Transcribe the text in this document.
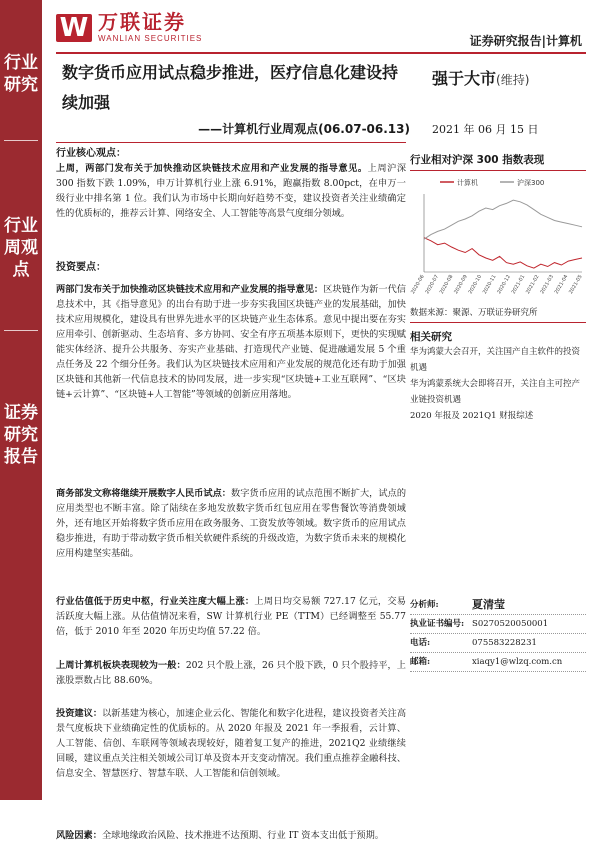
行业研究
行业周观点
证券研究报告
W 万联证券
WANLIAN SECURITIES	证券研究报告|计算机
数字货币应用试点稳步推进，医疗信息化建设持续加强
——计算机行业周观点(06.07-06.13)
强于大市(维持)
2021 年 06 月 15 日
行业核心观点：
上周，两部门发布关于加快推动区块链技术应用和产业发展的指导意见。上周沪深 300 指数下跌 1.09%，申万计算机行业上涨 6.91%，跑赢指数 8.00pct，在申万一级行业中排名第 1 位。我们认为市场中长期向好趋势不变，建议投资者关注业绩确定性的优质标的，推荐云计算、网络安全、人工智能等高景气度细分领域。
投资要点：
两部门发布关于加快推动区块链技术应用和产业发展的指导意见：区块链作为新一代信息技术中，其《指导意见》的出台有助于进一步夯实我国区块链产业的发展基础，加快技术应用规模化，建设具有世界先进水平的区块链产业生态体系。意见中提出要在夯实应用牵引、创新驱动、生态培育、多方协同、安全有序五项基本原则下，更快的实现赋能实体经济、提升公共服务、夯实产业基础、打造现代产业链、促进融通发展 5 个重点任务及 22 个细分任务。我们认为区块链技术应用和产业发展的规范化还有助于加强区块链和其他新一代信息技术的协同发展，进一步实现“区块链+工业互联网”、“区块链+云计算”、“区块链+人工智能”等领域的创新应用落地。
商务部发文称将继续开展数字人民币试点：数字货币应用的试点范围不断扩大，试点的应用类型也不断丰富。除了陆续在多地发放数字货币红包应用在零售餐饮等消费领域外，还有地区开始将数字货币应用在政务服务、工资发放等领域。数字货币的应用试点稳步推进，有助于带动数字货币相关软硬件系统的升级改造，为数字货币未来的规模化应用构建坚实基础。
行业估值低于历史中枢，行业关注度大幅上涨：上周日均交易额 727.17 亿元，交易活跃度大幅上涨。从估值情况来看，SW 计算机行业 PE（TTM）已经调整至 55.77 倍，低于 2010 年至 2020 年历史均值 57.22 倍。
上周计算机板块表现较为一般：202 只个股上涨，26 只个股下跌，0 只个股持平，上涨股票数占比 88.60%。
投资建议：以新基建为核心，加速企业云化、智能化和数字化进程，建议投资者关注高景气度板块下业绩确定性的优质标的。从 2020 年报及 2021 年一季报看，云计算、人工智能、信创、车联网等领域表现较好，随着复工复产的推进，2021Q2 业绩继续回暖，建议重点关注相关领域公司订单及资本开支变动情况。我们重点推荐金融科技、信息安全、智慧医疗、智慧车联、人工智能和信创领域。
风险因素：全球地缘政治风险、技术推进不达预期、行业 IT 资本支出低于预期。
行业相对沪深 300 指数表现
计算机	沪深300
2020-06
2020-07
2020-08
2020-09
2020-10
2020-11
2020-12
2021-01
2021-02
2021-03
2021-04
2021-05
数据来源：聚源、万联证券研究所
相关研究
华为鸿蒙大会召开，关注国产自主软件的投资机遇
华为鸿蒙系统大会即将召开，关注自主可控产业链投资机遇
2020 年报及 2021Q1 财报综述
分析师:	夏清莹
执业证书编号: S0270520050001
电话:	075583228231
邮箱:	xiaqy1@wlzq.com.cn
